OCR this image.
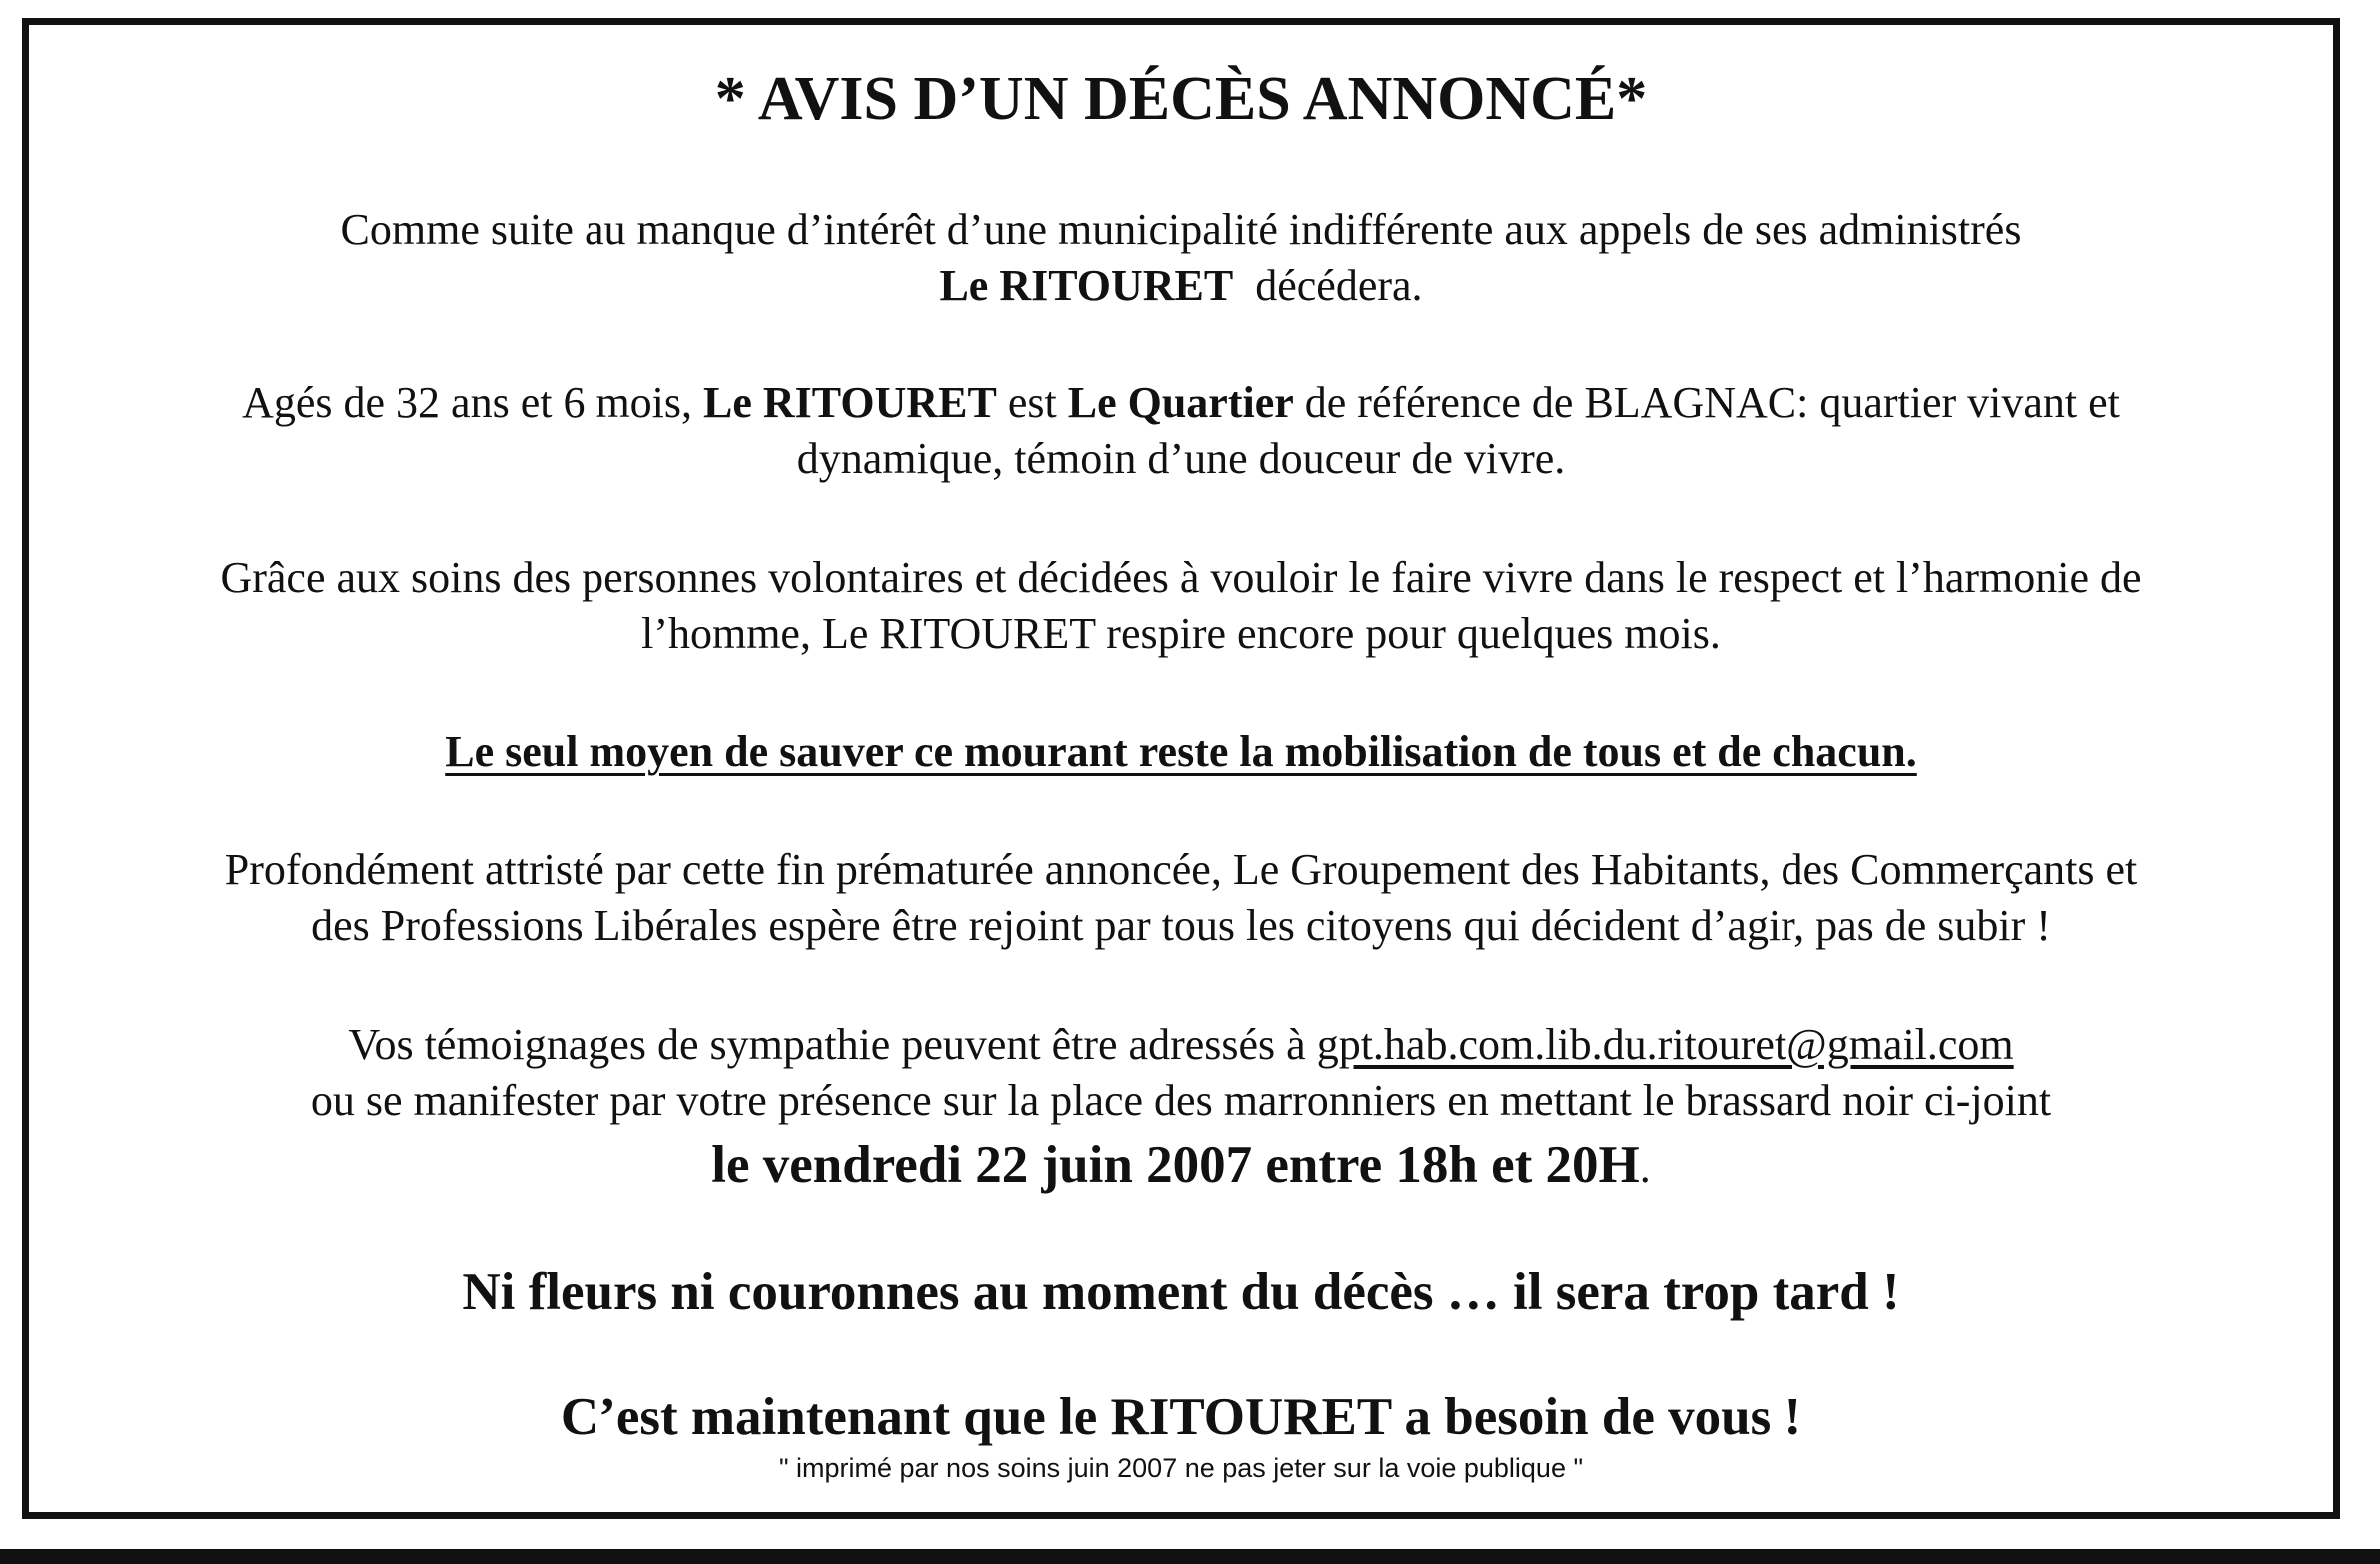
* AVIS D’UN DÉCÈS ANNONCÉ*
Comme suite au manque d’intérêt d’une municipalité indifférente aux appels de ses administrés
Le RITOURET décédera.
Agés de 32 ans et 6 mois, Le RITOURET est Le Quartier de référence de BLAGNAC: quartier vivant et
dynamique, témoin d’une douceur de vivre.
Grâce aux soins des personnes volontaires et décidées à vouloir le faire vivre dans le respect et l’harmonie de
l’homme, Le RITOURET respire encore pour quelques mois.
Le seul moyen de sauver ce mourant reste la mobilisation de tous et de chacun.
Profondément attristé par cette fin prématurée annoncée, Le Groupement des Habitants, des Commerçants et
des Professions Libérales espère être rejoint par tous les citoyens qui décident d’agir, pas de subir !
Vos témoignages de sympathie peuvent être adressés à gpt.hab.com.lib.du.ritouret@gmail.com
ou se manifester par votre présence sur la place des marronniers en mettant le brassard noir ci-joint
le vendredi 22 juin 2007 entre 18h et 20H.
Ni fleurs ni couronnes au moment du décès … il sera trop tard !
C’est maintenant que le RITOURET a besoin de vous !
" imprimé par nos soins juin 2007 ne pas jeter sur la voie publique "
